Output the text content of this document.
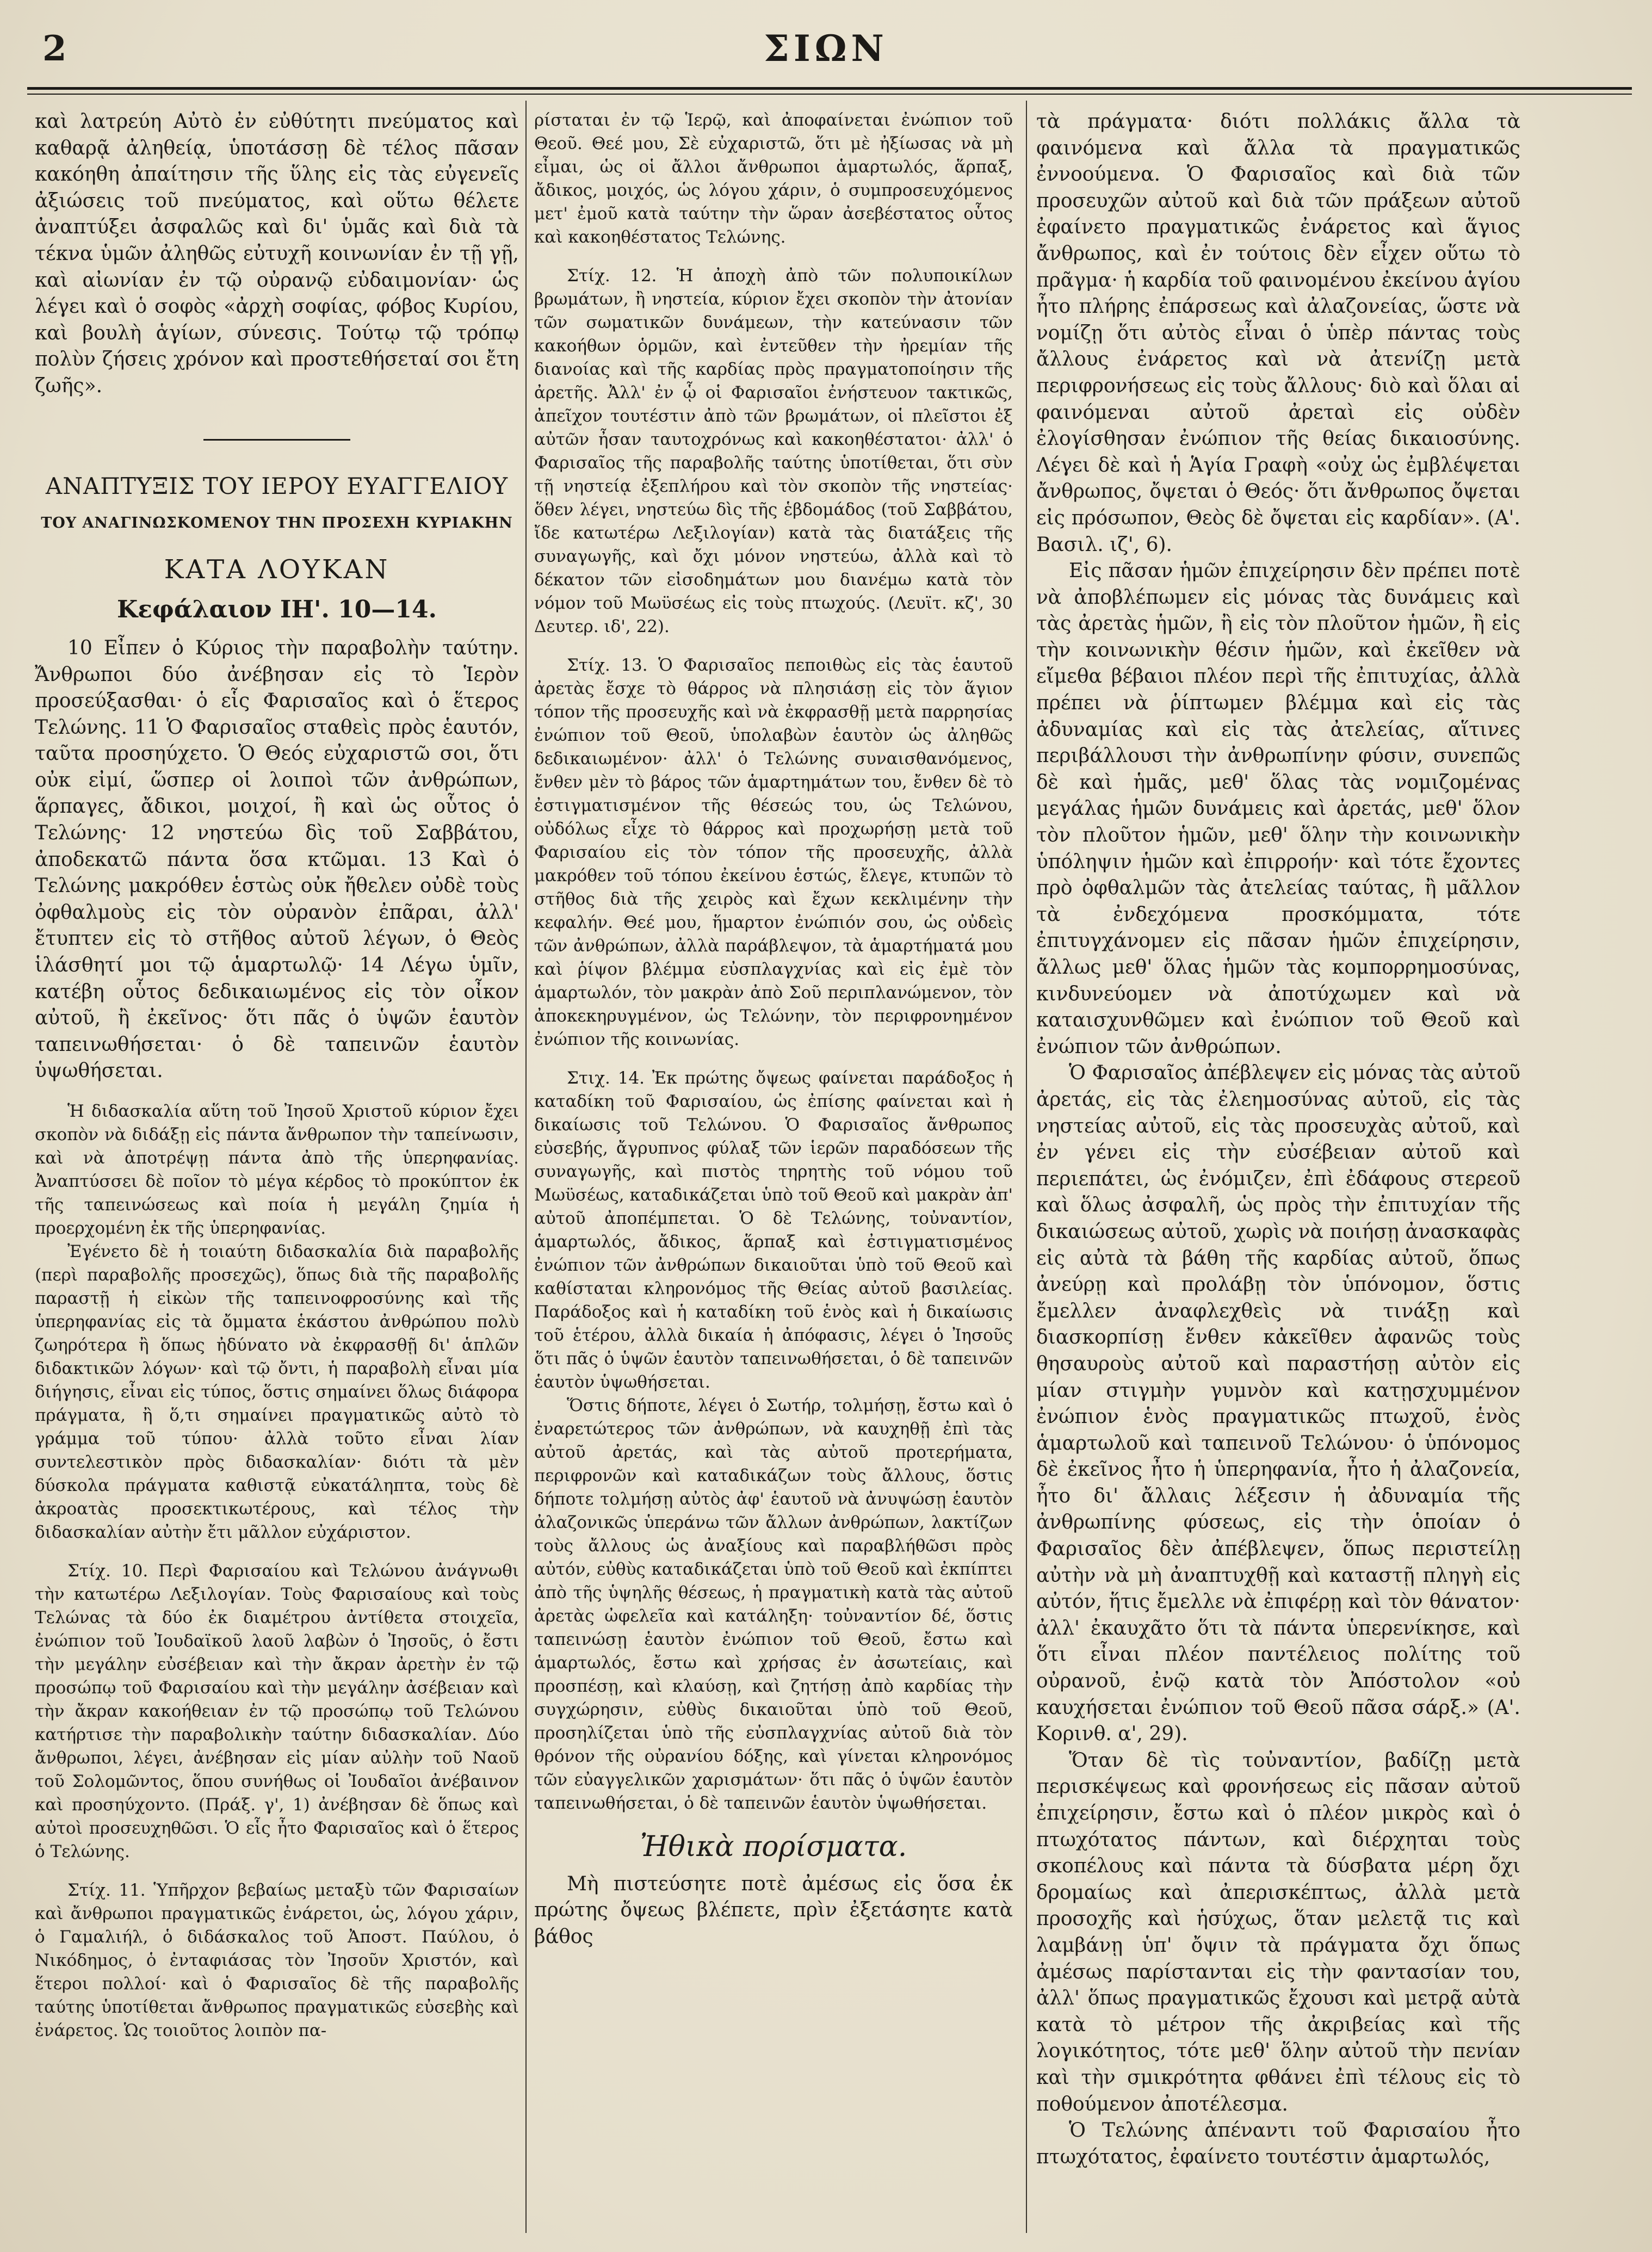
2	ΣΙΩΝ

καὶ λατρεύη Αὐτὸ ἐν εὐθύτητι πνεύματος καὶ καθαρᾷ ἀληθείᾳ, ὑποτάσσῃ δὲ τέλος πᾶσαν κακόηθη ἀπαίτησιν τῆς ὕλης εἰς τὰς εὐγενεῖς ἀξιώσεις τοῦ πνεύματος, καὶ οὕτω θέλετε ἀναπτύξει ἀσφαλῶς καὶ δι' ὑμᾶς καὶ διὰ τὰ τέκνα ὑμῶν ἀληθῶς εὐτυχῆ κοινωνίαν ἐν τῇ γῇ, καὶ αἰωνίαν ἐν τῷ οὐρανῷ εὐδαιμονίαν· ὡς λέγει καὶ ὁ σοφὸς «ἀρχὴ σοφίας, φόβος Κυρίου, καὶ βουλὴ ἁγίων, σύνεσις. Τούτῳ τῷ τρόπῳ πολὺν ζήσεις χρόνον καὶ προστεθήσεταί σοι ἔτη ζωῆς».

ΑΝΑΠΤΥΞΙΣ ΤΟΥ ΙΕΡΟΥ ΕΥΑΓΓΕΛΙΟΥ
ΤΟΥ ΑΝΑΓΙΝΩΣΚΟΜΕΝΟΥ ΤΗΝ ΠΡΟΣΕΧΗ ΚΥΡΙΑΚΗΝ
ΚΑΤΑ ΛΟΥΚΑΝ
Κεφάλαιον ΙΗ'. 10—14.

10 Εἶπεν ὁ Κύριος τὴν παραβολὴν ταύτην. Ἄνθρωποι δύο ἀνέβησαν εἰς τὸ Ἱερὸν προσεύξασθαι· ὁ εἷς Φαρισαῖος καὶ ὁ ἕτερος Τελώνης. 11 Ὁ Φαρισαῖος σταθεὶς πρὸς ἑαυτόν, ταῦτα προσηύχετο. Ὁ Θεός εὐχαριστῶ σοι, ὅτι οὐκ εἰμί, ὥσπερ οἱ λοιποὶ τῶν ἀνθρώπων, ἅρπαγες, ἄδικοι, μοιχοί, ἢ καὶ ὡς οὗτος ὁ Τελώνης· 12 νηστεύω δὶς τοῦ Σαββάτου, ἀποδεκατῶ πάντα ὅσα κτῶμαι. 13 Καὶ ὁ Τελώνης μακρόθεν ἑστὼς οὐκ ἤθελεν οὐδὲ τοὺς ὀφθαλμοὺς εἰς τὸν οὐρανὸν ἐπᾶραι, ἀλλ' ἔτυπτεν εἰς τὸ στῆθος αὐτοῦ λέγων, ὁ Θεὸς ἱλάσθητί μοι τῷ ἁμαρτωλῷ· 14 Λέγω ὑμῖν, κατέβη οὗτος δεδικαιωμένος εἰς τὸν οἶκον αὐτοῦ, ἢ ἐκεῖνος· ὅτι πᾶς ὁ ὑψῶν ἑαυτὸν ταπεινωθήσεται· ὁ δὲ ταπεινῶν ἑαυτὸν ὑψωθήσεται.

Ἡ διδασκαλία αὕτη τοῦ Ἰησοῦ Χριστοῦ κύριον ἔχει σκοπὸν νὰ διδάξῃ εἰς πάντα ἄνθρωπον τὴν ταπείνωσιν, καὶ νὰ ἀποτρέψῃ πάντα ἀπὸ τῆς ὑπερηφανίας. Ἀναπτύσσει δὲ ποῖον τὸ μέγα κέρδος τὸ προκύπτον ἐκ τῆς ταπεινώσεως καὶ ποία ἡ μεγάλη ζημία ἡ προερχομένη ἐκ τῆς ὑπερηφανίας.

Ἐγένετο δὲ ἡ τοιαύτη διδασκαλία διὰ παραβολῆς (περὶ παραβολῆς προσεχῶς), ὅπως διὰ τῆς παραβολῆς παραστῇ ἡ εἰκὼν τῆς ταπεινοφροσύνης καὶ τῆς ὑπερηφανίας εἰς τὰ ὄμματα ἑκάστου ἀνθρώπου πολὺ ζωηρότερα ἢ ὅπως ἠδύνατο νὰ ἐκφρασθῇ δι' ἁπλῶν διδακτικῶν λόγων· καὶ τῷ ὄντι, ἡ παραβολὴ εἶναι μία διήγησις, εἶναι εἰς τύπος, ὅστις σημαίνει ὅλως διάφορα πράγματα, ἢ ὅ,τι σημαίνει πραγματικῶς αὐτὸ τὸ γράμμα τοῦ τύπου· ἀλλὰ τοῦτο εἶναι λίαν συντελεστικὸν πρὸς διδασκαλίαν· διότι τὰ μὲν δύσκολα πράγματα καθιστᾷ εὐκατάληπτα, τοὺς δὲ ἀκροατὰς προσεκτικωτέρους, καὶ τέλος τὴν διδασκαλίαν αὐτὴν ἔτι μᾶλλον εὐχάριστον.

Στίχ. 10. Περὶ Φαρισαίου καὶ Τελώνου ἀνάγνωθι τὴν κατωτέρω Λεξιλογίαν. Τοὺς Φαρισαίους καὶ τοὺς Τελώνας τὰ δύο ἐκ διαμέτρου ἀντίθετα στοιχεῖα, ἐνώπιον τοῦ Ἰουδαϊκοῦ λαοῦ λαβὼν ὁ Ἰησοῦς, ὁ ἔστι τὴν μεγάλην εὐσέβειαν καὶ τὴν ἄκραν ἀρετὴν ἐν τῷ προσώπῳ τοῦ Φαρισαίου καὶ τὴν μεγάλην ἀσέβειαν καὶ τὴν ἄκραν κακοήθειαν ἐν τῷ προσώπῳ τοῦ Τελώνου κατήρτισε τὴν παραβολικὴν ταύτην διδασκαλίαν. Δύο ἄνθρωποι, λέγει, ἀνέβησαν εἰς μίαν αὐλὴν τοῦ Ναοῦ τοῦ Σολομῶντος, ὅπου συνήθως οἱ Ἰουδαῖοι ἀνέβαινον καὶ προσηύχοντο. (Πράξ. γ', 1) ἀνέβησαν δὲ ὅπως καὶ αὐτοὶ προσευχηθῶσι. Ὁ εἷς ἦτο Φαρισαῖος καὶ ὁ ἕτερος ὁ Τελώνης.

Στίχ. 11. Ὑπῆρχον βεβαίως μεταξὺ τῶν Φαρισαίων καὶ ἄνθρωποι πραγματικῶς ἐνάρετοι, ὡς, λόγου χάριν, ὁ Γαμαλιήλ, ὁ διδάσκαλος τοῦ Ἀποστ. Παύλου, ὁ Νικόδημος, ὁ ἐνταφιάσας τὸν Ἰησοῦν Χριστόν, καὶ ἕτεροι πολλοί· καὶ ὁ Φαρισαῖος δὲ τῆς παραβολῆς ταύτης ὑποτίθεται ἄνθρωπος πραγματικῶς εὐσεβὴς καὶ ἐνάρετος. Ὡς τοιοῦτος λοιπὸν πα-

ρίσταται ἐν τῷ Ἱερῷ, καὶ ἀποφαίνεται ἐνώπιον τοῦ Θεοῦ. Θεέ μου, Σὲ εὐχαριστῶ, ὅτι μὲ ἠξίωσας νὰ μὴ εἶμαι, ὡς οἱ ἄλλοι ἄνθρωποι ἁμαρτωλός, ἅρπαξ, ἄδικος, μοιχός, ὡς λόγου χάριν, ὁ συμπροσευχόμενος μετ' ἐμοῦ κατὰ ταύτην τὴν ὥραν ἀσεβέστατος οὗτος καὶ κακοηθέστατος Τελώνης.

Στίχ. 12. Ἡ ἀποχὴ ἀπὸ τῶν πολυποικίλων βρωμάτων, ἢ νηστεία, κύριον ἔχει σκοπὸν τὴν ἀτονίαν τῶν σωματικῶν δυνάμεων, τὴν κατεύνασιν τῶν κακοήθων ὁρμῶν, καὶ ἐντεῦθεν τὴν ἠρεμίαν τῆς διανοίας καὶ τῆς καρδίας πρὸς πραγματοποίησιν τῆς ἀρετῆς. Ἀλλ' ἐν ᾧ οἱ Φαρισαῖοι ἐνήστευον τακτικῶς, ἀπεῖχον τουτέστιν ἀπὸ τῶν βρωμάτων, οἱ πλεῖστοι ἐξ αὐτῶν ἦσαν ταυτοχρόνως καὶ κακοηθέστατοι· ἀλλ' ὁ Φαρισαῖος τῆς παραβολῆς ταύτης ὑποτίθεται, ὅτι σὺν τῇ νηστείᾳ ἐξεπλήρου καὶ τὸν σκοπὸν τῆς νηστείας· ὅθεν λέγει, νηστεύω δὶς τῆς ἑβδομάδος (τοῦ Σαββάτου, ἴδε κατωτέρω Λεξιλογίαν) κατὰ τὰς διατάξεις τῆς συναγωγῆς, καὶ ὄχι μόνον νηστεύω, ἀλλὰ καὶ τὸ δέκατον τῶν εἰσοδημάτων μου διανέμω κατὰ τὸν νόμον τοῦ Μωϋσέως εἰς τοὺς πτωχούς. (Λευϊτ. κζ', 30 Δευτερ. ιδ', 22).

Στίχ. 13. Ὁ Φαρισαῖος πεποιθὼς εἰς τὰς ἑαυτοῦ ἀρετὰς ἔσχε τὸ θάρρος νὰ πλησιάσῃ εἰς τὸν ἅγιον τόπον τῆς προσευχῆς καὶ νὰ ἐκφρασθῇ μετὰ παρρησίας ἐνώπιον τοῦ Θεοῦ, ὑπολαβὼν ἑαυτὸν ὡς ἀληθῶς δεδικαιωμένον· ἀλλ' ὁ Τελώνης συναισθανόμενος, ἔνθεν μὲν τὸ βάρος τῶν ἁμαρτημάτων του, ἔνθεν δὲ τὸ ἐστιγματισμένον τῆς θέσεώς του, ὡς Τελώνου, οὐδόλως εἶχε τὸ θάρρος καὶ προχωρήσῃ μετὰ τοῦ Φαρισαίου εἰς τὸν τόπον τῆς προσευχῆς, ἀλλὰ μακρόθεν τοῦ τόπου ἐκείνου ἑστώς, ἔλεγε, κτυπῶν τὸ στῆθος διὰ τῆς χειρὸς καὶ ἔχων κεκλιμένην τὴν κεφαλήν. Θεέ μου, ἥμαρτον ἐνώπιόν σου, ὡς οὐδεὶς τῶν ἀνθρώπων, ἀλλὰ παράβλεψον, τὰ ἁμαρτήματά μου καὶ ῥίψον βλέμμα εὐσπλαγχνίας καὶ εἰς ἐμὲ τὸν ἁμαρτωλόν, τὸν μακρὰν ἀπὸ Σοῦ περιπλανώμενον, τὸν ἀποκεκηρυγμένον, ὡς Τελώνην, τὸν περιφρονημένον ἐνώπιον τῆς κοινωνίας.

Στιχ. 14. Ἐκ πρώτης ὄψεως φαίνεται παράδοξος ἡ καταδίκη τοῦ Φαρισαίου, ὡς ἐπίσης φαίνεται καὶ ἡ δικαίωσις τοῦ Τελώνου. Ὁ Φαρισαῖος ἄνθρωπος εὐσεβής, ἄγρυπνος φύλαξ τῶν ἱερῶν παραδόσεων τῆς συναγωγῆς, καὶ πιστὸς τηρητὴς τοῦ νόμου τοῦ Μωϋσέως, καταδικάζεται ὑπὸ τοῦ Θεοῦ καὶ μακρὰν ἀπ' αὐτοῦ ἀποπέμπεται. Ὁ δὲ Τελώνης, τοὐναντίον, ἁμαρτωλός, ἄδικος, ἅρπαξ καὶ ἐστιγματισμένος ἐνώπιον τῶν ἀνθρώπων δικαιοῦται ὑπὸ τοῦ Θεοῦ καὶ καθίσταται κληρονόμος τῆς Θείας αὐτοῦ βασιλείας. Παράδοξος καὶ ἡ καταδίκη τοῦ ἑνὸς καὶ ἡ δικαίωσις τοῦ ἑτέρου, ἀλλὰ δικαία ἡ ἀπόφασις, λέγει ὁ Ἰησοῦς ὅτι πᾶς ὁ ὑψῶν ἑαυτὸν ταπεινωθήσεται, ὁ δὲ ταπεινῶν ἑαυτὸν ὑψωθήσεται.

Ὅστις δήποτε, λέγει ὁ Σωτήρ, τολμήσῃ, ἔστω καὶ ὁ ἐναρετώτερος τῶν ἀνθρώπων, νὰ καυχηθῇ ἐπὶ τὰς αὐτοῦ ἀρετάς, καὶ τὰς αὐτοῦ προτερήματα, περιφρονῶν καὶ καταδικάζων τοὺς ἄλλους, ὅστις δήποτε τολμήσῃ αὐτὸς ἀφ' ἑαυτοῦ νὰ ἀνυψώσῃ ἑαυτὸν ἀλαζονικῶς ὑπεράνω τῶν ἄλλων ἀνθρώπων, λακτίζων τοὺς ἄλλους ὡς ἀναξίους καὶ παραβλήθῶσι πρὸς αὐτόν, εὐθὺς καταδικάζεται ὑπὸ τοῦ Θεοῦ καὶ ἐκπίπτει ἀπὸ τῆς ὑψηλῆς θέσεως, ἡ πραγματικὴ κατὰ τὰς αὐτοῦ ἀρετὰς ὠφελεῖα καὶ κατάληξη· τοὐναντίον δέ, ὅστις ταπεινώσῃ ἑαυτὸν ἐνώπιον τοῦ Θεοῦ, ἔστω καὶ ἁμαρτωλός, ἔστω καὶ χρήσας ἐν ἀσωτείαις, καὶ προσπέσῃ, καὶ κλαύσῃ, καὶ ζητήσῃ ἀπὸ καρδίας τὴν συγχώρησιν, εὐθὺς δικαιοῦται ὑπὸ τοῦ Θεοῦ, προσηλίζεται ὑπὸ τῆς εὐσπλαγχνίας αὐτοῦ διὰ τὸν θρόνον τῆς οὐρανίου δόξης, καὶ γίνεται κληρονόμος τῶν εὐαγγελικῶν χαρισμάτων· ὅτι πᾶς ὁ ὑψῶν ἑαυτὸν ταπεινωθήσεται, ὁ δὲ ταπεινῶν ἑαυτὸν ὑψωθήσεται.

Ἠθικὰ πορίσματα.

Μὴ πιστεύσητε ποτὲ ἀμέσως εἰς ὅσα ἐκ πρώτης ὄψεως βλέπετε, πρὶν ἐξετάσητε κατὰ βάθος

τὰ πράγματα· διότι πολλάκις ἄλλα τὰ φαινόμενα καὶ ἄλλα τὰ πραγματικῶς ἐννοούμενα. Ὁ Φαρισαῖος καὶ διὰ τῶν προσευχῶν αὐτοῦ καὶ διὰ τῶν πράξεων αὐτοῦ ἐφαίνετο πραγματικῶς ἐνάρετος καὶ ἅγιος ἄνθρωπος, καὶ ἐν τούτοις δὲν εἶχεν οὕτω τὸ πρᾶγμα· ἡ καρδία τοῦ φαινομένου ἐκείνου ἁγίου ἦτο πλήρης ἐπάρσεως καὶ ἀλαζονείας, ὥστε νὰ νομίζῃ ὅτι αὐτὸς εἶναι ὁ ὑπὲρ πάντας τοὺς ἄλλους ἐνάρετος καὶ νὰ ἀτενίζῃ μετὰ περιφρονήσεως εἰς τοὺς ἄλλους· διὸ καὶ ὅλαι αἱ φαινόμεναι αὐτοῦ ἀρεταὶ εἰς οὐδὲν ἐλογίσθησαν ἐνώπιον τῆς θείας δικαιοσύνης. Λέγει δὲ καὶ ἡ Ἁγία Γραφὴ «οὐχ ὡς ἐμβλέψεται ἄνθρωπος, ὄψεται ὁ Θεός· ὅτι ἄνθρωπος ὄψεται εἰς πρόσωπον, Θεὸς δὲ ὄψεται εἰς καρδίαν». (Α'. Βασιλ. ιζ', 6).

Εἰς πᾶσαν ἡμῶν ἐπιχείρησιν δὲν πρέπει ποτὲ νὰ ἀποβλέπωμεν εἰς μόνας τὰς δυνάμεις καὶ τὰς ἀρετὰς ἡμῶν, ἢ εἰς τὸν πλοῦτον ἡμῶν, ἢ εἰς τὴν κοινωνικὴν θέσιν ἡμῶν, καὶ ἐκεῖθεν νὰ εἴμεθα βέβαιοι πλέον περὶ τῆς ἐπιτυχίας, ἀλλὰ πρέπει νὰ ῥίπτωμεν βλέμμα καὶ εἰς τὰς ἀδυναμίας καὶ εἰς τὰς ἀτελείας, αἵτινες περιβάλλουσι τὴν ἀνθρωπίνην φύσιν, συνεπῶς δὲ καὶ ἡμᾶς, μεθ' ὅλας τὰς νομιζομένας μεγάλας ἡμῶν δυνάμεις καὶ ἀρετάς, μεθ' ὅλον τὸν πλοῦτον ἡμῶν, μεθ' ὅλην τὴν κοινωνικὴν ὑπόληψιν ἡμῶν καὶ ἐπιρροήν· καὶ τότε ἔχοντες πρὸ ὀφθαλμῶν τὰς ἀτελείας ταύτας, ἢ μᾶλλον τὰ ἐνδεχόμενα προσκόμματα, τότε ἐπιτυγχάνομεν εἰς πᾶσαν ἡμῶν ἐπιχείρησιν, ἄλλως μεθ' ὅλας ἡμῶν τὰς κομπορρημοσύνας, κινδυνεύομεν νὰ ἀποτύχωμεν καὶ νὰ καταισχυνθῶμεν καὶ ἐνώπιον τοῦ Θεοῦ καὶ ἐνώπιον τῶν ἀνθρώπων.

Ὁ Φαρισαῖος ἀπέβλεψεν εἰς μόνας τὰς αὐτοῦ ἀρετάς, εἰς τὰς ἐλεημοσύνας αὐτοῦ, εἰς τὰς νηστείας αὐτοῦ, εἰς τὰς προσευχὰς αὐτοῦ, καὶ ἐν γένει εἰς τὴν εὐσέβειαν αὐτοῦ καὶ περιεπάτει, ὡς ἐνόμιζεν, ἐπὶ ἐδάφους στερεοῦ καὶ ὅλως ἀσφαλῆ, ὡς πρὸς τὴν ἐπιτυχίαν τῆς δικαιώσεως αὐτοῦ, χωρὶς νὰ ποιήσῃ ἀνασκαφὰς εἰς αὐτὰ τὰ βάθη τῆς καρδίας αὐτοῦ, ὅπως ἀνεύρῃ καὶ προλάβῃ τὸν ὑπόνομον, ὅστις ἔμελλεν ἀναφλεχθεὶς νὰ τινάξῃ καὶ διασκορπίσῃ ἔνθεν κἀκεῖθεν ἀφανῶς τοὺς θησαυροὺς αὐτοῦ καὶ παραστήσῃ αὐτὸν εἰς μίαν στιγμὴν γυμνὸν καὶ κατῃσχυμμένον ἐνώπιον ἑνὸς πραγματικῶς πτωχοῦ, ἑνὸς ἁμαρτωλοῦ καὶ ταπεινοῦ Τελώνου· ὁ ὑπόνομος δὲ ἐκεῖνος ἦτο ἡ ὑπερηφανία, ἦτο ἡ ἀλαζονεία, ἦτο δι' ἄλλαις λέξεσιν ἡ ἀδυναμία τῆς ἀνθρωπίνης φύσεως, εἰς τὴν ὁποίαν ὁ Φαρισαῖος δὲν ἀπέβλεψεν, ὅπως περιστείλῃ αὐτὴν νὰ μὴ ἀναπτυχθῇ καὶ καταστῇ πληγὴ εἰς αὐτόν, ἥτις ἔμελλε νὰ ἐπιφέρῃ καὶ τὸν θάνατον· ἀλλ' ἐκαυχᾶτο ὅτι τὰ πάντα ὑπερενίκησε, καὶ ὅτι εἶναι πλέον παντέλειος πολίτης τοῦ οὐρανοῦ, ἐνῷ κατὰ τὸν Ἀπόστολον «οὐ καυχήσεται ἐνώπιον τοῦ Θεοῦ πᾶσα σάρξ.» (Α'. Κορινθ. α', 29).

Ὅταν δὲ τὶς τοὐναντίον, βαδίζῃ μετὰ περισκέψεως καὶ φρονήσεως εἰς πᾶσαν αὐτοῦ ἐπιχείρησιν, ἔστω καὶ ὁ πλέον μικρὸς καὶ ὁ πτωχότατος πάντων, καὶ διέρχηται τοὺς σκοπέλους καὶ πάντα τὰ δύσβατα μέρη ὄχι δρομαίως καὶ ἀπερισκέπτως, ἀλλὰ μετὰ προσοχῆς καὶ ἡσύχως, ὅταν μελετᾷ τις καὶ λαμβάνῃ ὑπ' ὄψιν τὰ πράγματα ὄχι ὅπως ἀμέσως παρίστανται εἰς τὴν φαντασίαν του, ἀλλ' ὅπως πραγματικῶς ἔχουσι καὶ μετρᾷ αὐτὰ κατὰ τὸ μέτρον τῆς ἀκριβείας καὶ τῆς λογικότητος, τότε μεθ' ὅλην αὐτοῦ τὴν πενίαν καὶ τὴν σμικρότητα φθάνει ἐπὶ τέλους εἰς τὸ ποθούμενον ἀποτέλεσμα.

Ὁ Τελώνης ἀπέναντι τοῦ Φαρισαίου ἦτο πτωχότατος, ἐφαίνετο τουτέστιν ἁμαρτωλός,
